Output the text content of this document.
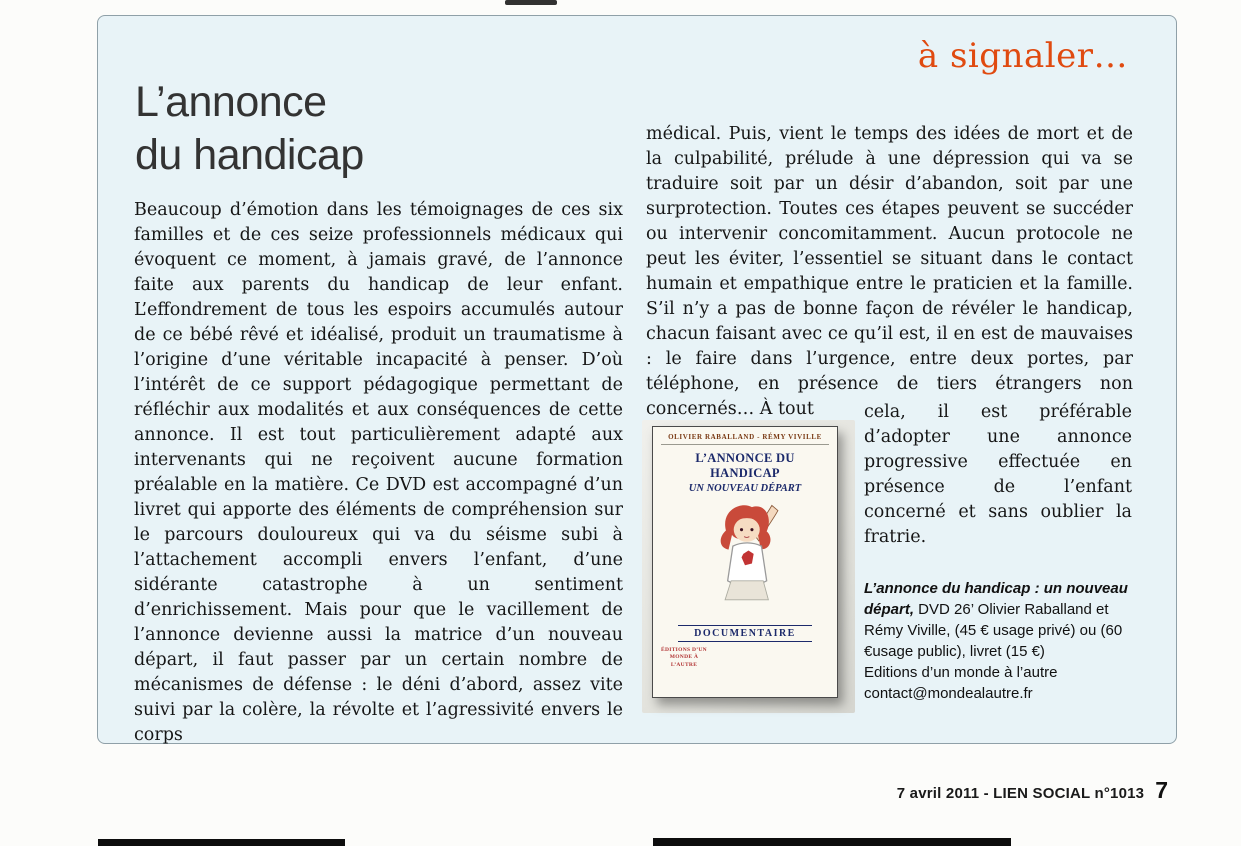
à signaler…
L’annonce
du handicap
Beaucoup d’émotion dans les témoignages de ces six familles et de ces seize professionnels médicaux qui évoquent ce moment, à jamais gravé, de l’annonce faite aux parents du handicap de leur enfant. L’effondrement de tous les espoirs accumulés autour de ce bébé rêvé et idéalisé, produit un traumatisme à l’origine d’une véritable incapacité à penser. D’où l’intérêt de ce support pédagogique permettant de réfléchir aux modalités et aux conséquences de cette annonce. Il est tout particulièrement adapté aux intervenants qui ne reçoivent aucune formation préalable en la matière. Ce DVD est accompagné d’un livret qui apporte des éléments de compréhension sur le parcours douloureux qui va du séisme subi à l’attachement accompli envers l’enfant, d’une sidérante catastrophe à un sentiment d’enrichissement. Mais pour que le vacillement de l’annonce devienne aussi la matrice d’un nouveau départ, il faut passer par un certain nombre de mécanismes de défense : le déni d’abord, assez vite suivi par la colère, la révolte et l’agressivité envers le corps
médical. Puis, vient le temps des idées de mort et de la culpabilité, prélude à une dépression qui va se traduire soit par un désir d’abandon, soit par une surprotection. Toutes ces étapes peuvent se succéder ou intervenir concomitamment. Aucun protocole ne peut les éviter, l’essentiel se situant dans le contact humain et empathique entre le praticien et la famille. S’il n’y a pas de bonne façon de révéler le handicap, chacun faisant avec ce qu’il est, il en est de mauvaises : le faire dans l’urgence, entre deux portes, par téléphone, en présence de tiers étrangers non concernés… À tout	cela, il est préférable d’adopter une annonce progressive effectuée en présence de l’enfant concerné et sans oublier la fratrie.
OLIVIER RABALLAND - RÉMY VIVILLE
L’ANNONCE DU HANDICAP
UN NOUVEAU DÉPART
DOCUMENTAIRE
ÉDITIONS D’UN MONDE À L’AUTRE
L’annonce du handicap : un nouveau départ, DVD 26’ Olivier Raballand et Rémy Viville, (45 € usage privé) ou (60 €usage public), livret (15 €)
Editions d’un monde à l’autre
contact@mondealautre.fr
7 avril 2011 - LIEN SOCIAL n°1013 7
